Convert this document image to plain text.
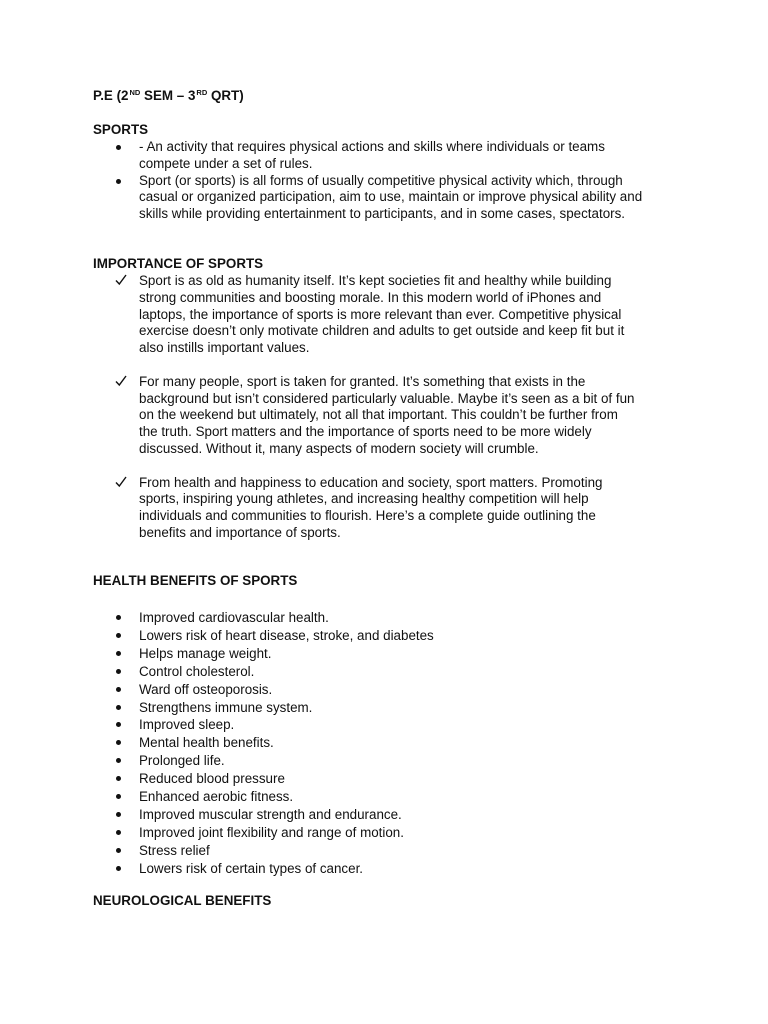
P.E (2ND SEM – 3RD QRT)
SPORTS
- An activity that requires physical actions and skills where individuals or teams compete under a set of rules.
Sport (or sports) is all forms of usually competitive physical activity which, through casual or organized participation, aim to use, maintain or improve physical ability and skills while providing entertainment to participants, and in some cases, spectators.
IMPORTANCE OF SPORTS
Sport is as old as humanity itself. It’s kept societies fit and healthy while building strong communities and boosting morale. In this modern world of iPhones and laptops, the importance of sports is more relevant than ever. Competitive physical exercise doesn’t only motivate children and adults to get outside and keep fit but it also instills important values.
For many people, sport is taken for granted. It’s something that exists in the background but isn’t considered particularly valuable. Maybe it’s seen as a bit of fun on the weekend but ultimately, not all that important. This couldn’t be further from the truth. Sport matters and the importance of sports need to be more widely discussed. Without it, many aspects of modern society will crumble.
From health and happiness to education and society, sport matters. Promoting sports, inspiring young athletes, and increasing healthy competition will help individuals and communities to flourish. Here’s a complete guide outlining the benefits and importance of sports.
HEALTH BENEFITS OF SPORTS
Improved cardiovascular health.
Lowers risk of heart disease, stroke, and diabetes
Helps manage weight.
Control cholesterol.
Ward off osteoporosis.
Strengthens immune system.
Improved sleep.
Mental health benefits.
Prolonged life.
Reduced blood pressure
Enhanced aerobic fitness.
Improved muscular strength and endurance.
Improved joint flexibility and range of motion.
Stress relief
Lowers risk of certain types of cancer.
NEUROLOGICAL BENEFITS
